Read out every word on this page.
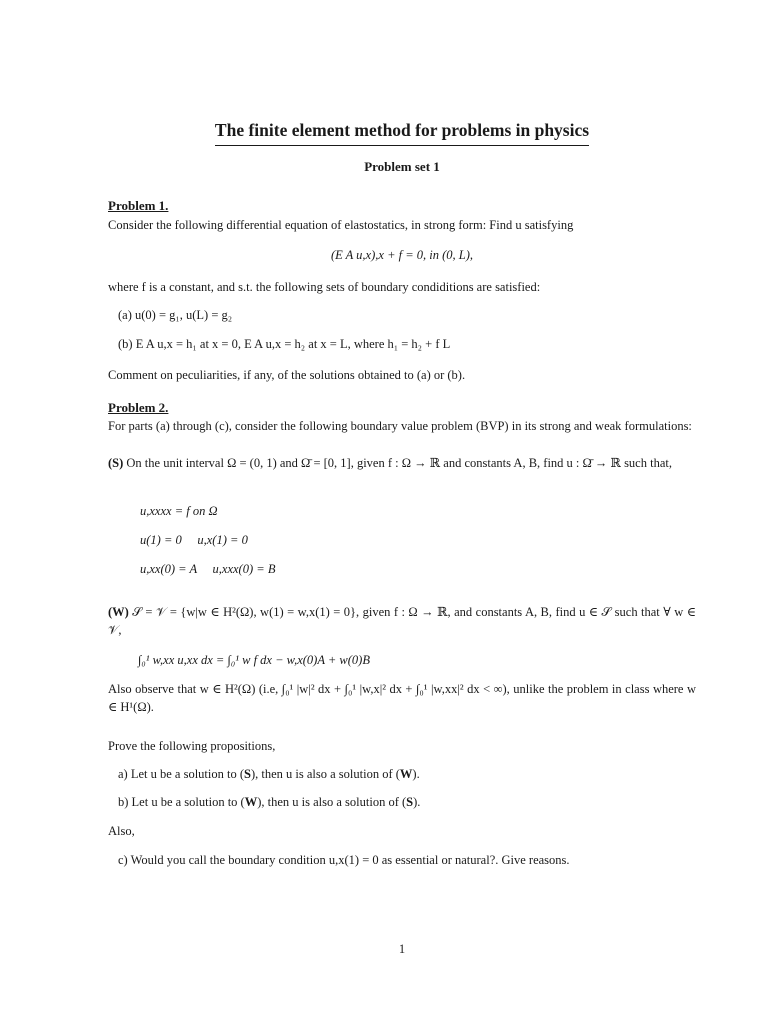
The finite element method for problems in physics
Problem set 1
Problem 1.
Consider the following differential equation of elastostatics, in strong form: Find u satisfying
(E A u,x),x + f = 0, in (0, L),
where f is a constant, and s.t. the following sets of boundary condiditions are satisfied:
(a) u(0) = g₁, u(L) = g₂
(b) E A u,x = h₁ at x = 0, E A u,x = h₂ at x = L, where h₁ = h₂ + f L
Comment on peculiarities, if any, of the solutions obtained to (a) or (b).
Problem 2.
For parts (a) through (c), consider the following boundary value problem (BVP) in its strong and weak formulations:
(S) On the unit interval Ω = (0, 1) and Ω̄ = [0, 1], given f : Ω → ℝ and constants A, B, find u : Ω̄ → ℝ such that,
u,xxxx = f on Ω
u(1) = 0     u,x(1) = 0
u,xx(0) = A     u,xxx(0) = B
(W) 𝒮 = 𝒱 = {w|w ∈ H²(Ω), w(1) = w,x(1) = 0}, given f : Ω → ℝ, and constants A, B, find u ∈ 𝒮 such that ∀ w ∈ 𝒱,
∫₀¹ w,xx u,xx dx = ∫₀¹ w f dx − w,x(0)A + w(0)B
Also observe that w ∈ H²(Ω) (i.e, ∫₀¹ |w|² dx + ∫₀¹ |w,x|² dx + ∫₀¹ |w,xx|² dx < ∞), unlike the problem in class where w ∈ H¹(Ω).
Prove the following propositions,
a) Let u be a solution to (S), then u is also a solution of (W).
b) Let u be a solution to (W), then u is also a solution of (S).
Also,
c) Would you call the boundary condition u,x(1) = 0 as essential or natural?. Give reasons.
1
